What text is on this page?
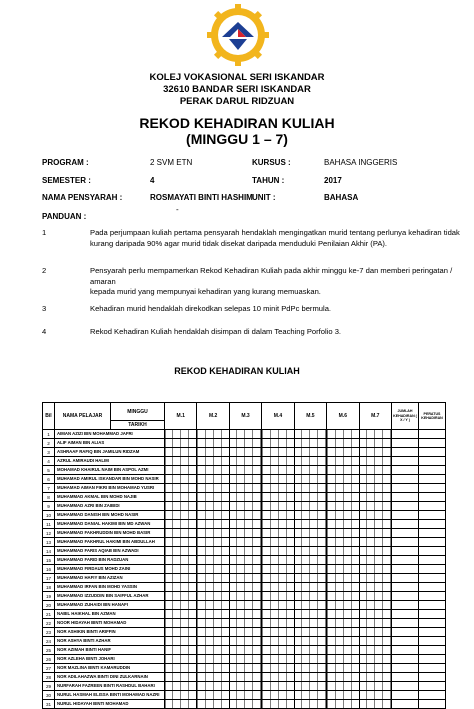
KOLEJ VOKASIONAL SERI ISKANDAR
32610 BANDAR SERI ISKANDAR
PERAK DARUL RIDZUAN
REKOD KEHADIRAN KULIAH
(MINGGU 1 – 7)
PROGRAM :	2 SVM ETN	KURSUS :	BAHASA INGGERIS
SEMESTER :	4	TAHUN :	2017
NAMA PENSYARAH :	ROSMAYATI BINTI HASHIM UNIT :	BAHASA
-
PANDUAN :
1	Pada perjumpaan kuliah pertama pensyarah hendaklah mengingatkan murid tentang perlunya kehadiran tidak
kurang daripada 90% agar murid tidak disekat daripada menduduki Penilaian Akhir (PA).
2	Pensyarah perlu mempamerkan Rekod Kehadiran Kuliah pada akhir minggu ke-7 dan memberi peringatan / amaran
kepada murid yang mempunyai kehadiran yang kurang memuaskan.
3	Kehadiran murid hendaklah direkodkan selepas 10 minit PdPc bermula.
4	Rekod Kehadiran Kuliah hendaklah disimpan di dalam Teaching Porfolio 3.
REKOD KEHADIRAN KULIAH
Bil	NAMA PELAJAR	MINGGU	M.1	M.2	M.3	M.4	M.5	M.6	M.7	JUMLAH KEHADIRAN ( X / Y )	PERATUS KEHADIRAN
		TARIKH									
1	AIMAN AZIZI BIN MOHAMMAD JAFRI										
2	ALIF AIMAN BIN ALIAS										
3	ASHRAAF RAFIQ BIN JAMILUN RIDZAM										
4	AZRUL AMIRAUDI HALIM										
5	MOHAMAD KHAIRUL NAIM BIN ASPOL AZMI										
6	MUHAMAD AMIRUL ISKANDAR BIN MOHD NASIR										
7	MUHAMAD AIMAN FIKRI BIN MOHAMAD YUSRI										
8	MUHAMMAD AKMAL BIN MOHD NAJIB										
9	MUHAMMAD AZRI BIN ZAIBIDI										
10	MUHAMMAD DANISH BIN MOHD NASIR										
11	MUHAMMAD DANIAL HAKIMI BIN MD AZWAN										
12	MUHAMMAD FAKHRUDDIN BIN MOHD BASIR										
13	MUHAMMAD FAKHRUL HAKIMI BIN ABDULLAH										
14	MUHAMMAD FARIS AQIAB BIN AZWADI										
15	MUHAMMAD FARID BIN RADZUAN										
16	MUHAMMAD FIRDAUS MOHD ZAINI										
17	MUHAMMAD HAFIY BIN AZIZAN										
18	MUHAMMAD IRFAN BIN MOHD YASSIN										
19	MUHAMMAD IZZUDDIN BIN SAIFFUL AZHAR										
20	MUHAMMAD ZUHAIDI BIN HANAFI										
21	NABIL HAIKHAL BIN AZMAN										
22	NOOR HIDAYAH BINTI MOHAMAD										
23	NOR ASHIKIN BINTI ARIFFIN										
24	NOR ASHYA BINTI AZHAR										
25	NOR AZIMAH BINTI HANIF										
26	NOR AZLEHA BINTI JOHARI										
27	NOR MAZLINA BINTI KAMARUDDIN										
28	NOR ADILAHAZWA BINTI DINI ZULKARNAIN										
29	NURFARAH FAZREEN BINTI RASHDUL BAHARI										
30	NURUL HASMAH ELISSA BINTI MOHAMAD NAZRI										
31	NURUL HIDAYAH BINTI MOHAMAD										
